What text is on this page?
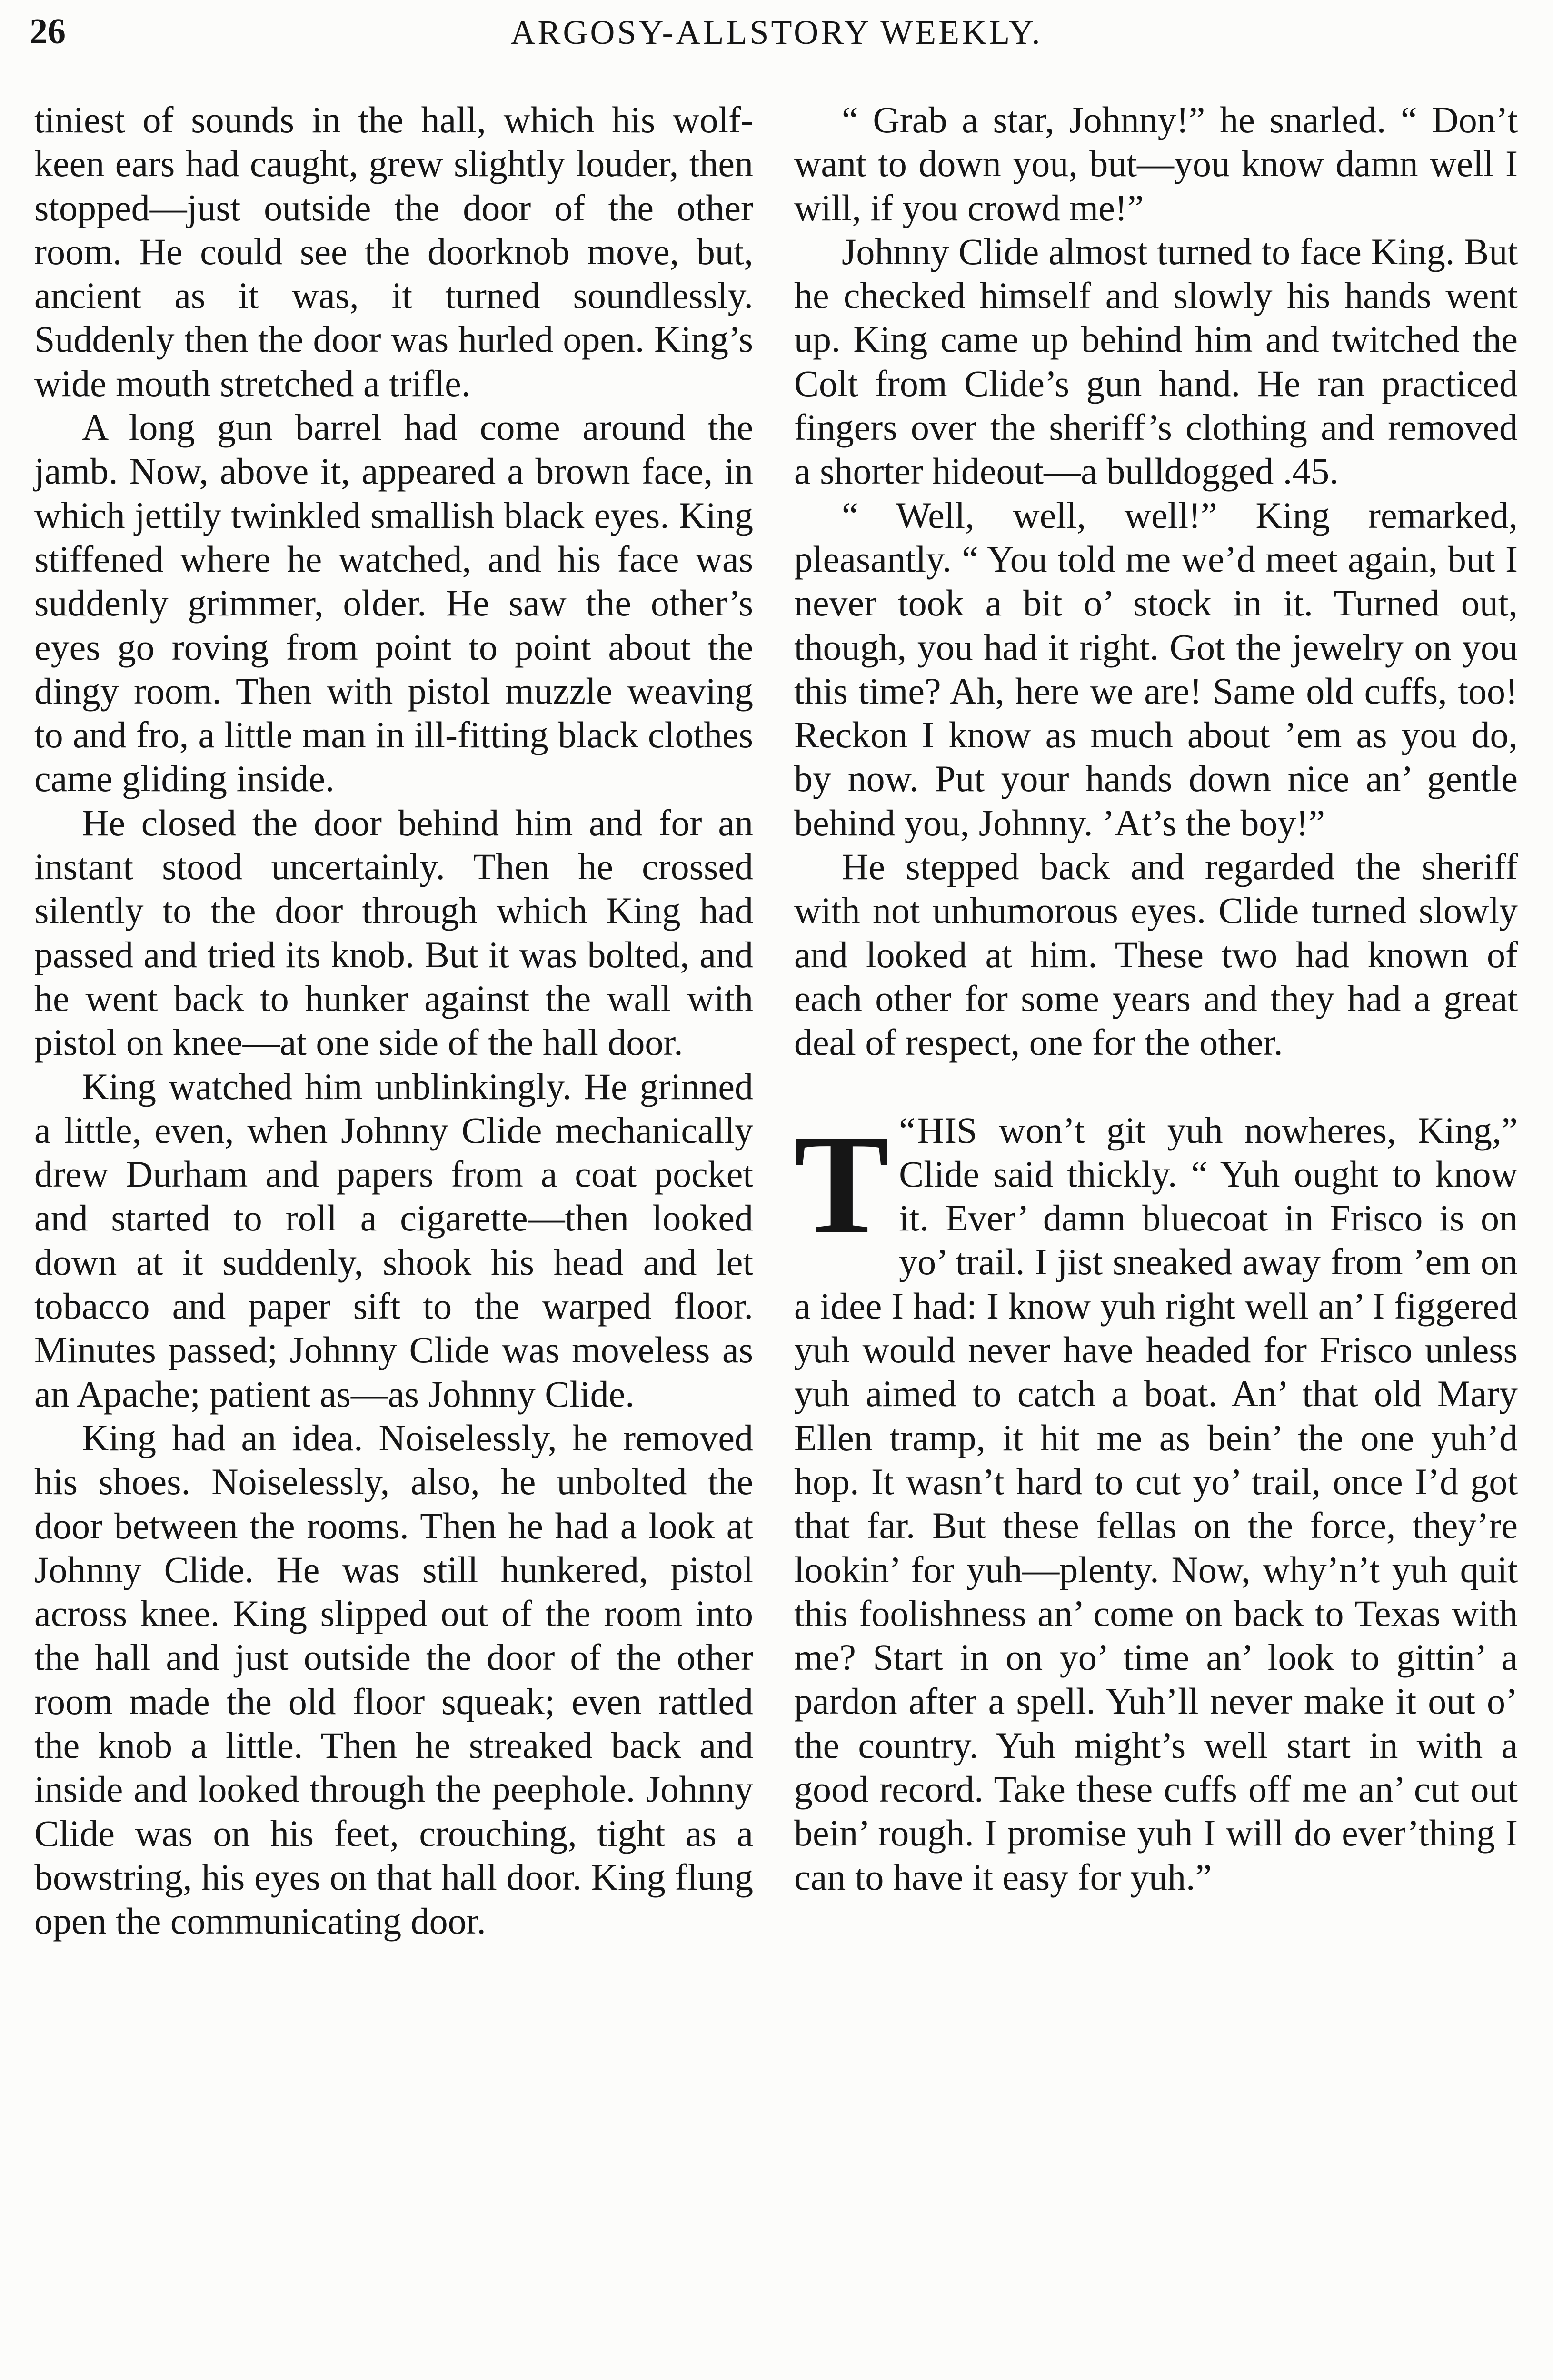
26	ARGOSY-ALLSTORY WEEKLY.

tiniest of sounds in the hall, which his wolf-keen ears had caught, grew slightly louder, then stopped—just outside the door of the other room. He could see the doorknob move, but, ancient as it was, it turned soundlessly. Suddenly then the door was hurled open. King’s wide mouth stretched a trifle.

A long gun barrel had come around the jamb. Now, above it, appeared a brown face, in which jettily twinkled smallish black eyes. King stiffened where he watched, and his face was suddenly grimmer, older. He saw the other’s eyes go roving from point to point about the dingy room. Then with pistol muzzle weaving to and fro, a little man in ill-fitting black clothes came gliding inside.

He closed the door behind him and for an instant stood uncertainly. Then he crossed silently to the door through which King had passed and tried its knob. But it was bolted, and he went back to hunker against the wall with pistol on knee—at one side of the hall door.

King watched him unblinkingly. He grinned a little, even, when Johnny Clide mechanically drew Durham and papers from a coat pocket and started to roll a cigarette—then looked down at it suddenly, shook his head and let tobacco and paper sift to the warped floor. Minutes passed; Johnny Clide was moveless as an Apache; patient as—as Johnny Clide.

King had an idea. Noiselessly, he removed his shoes. Noiselessly, also, he unbolted the door between the rooms. Then he had a look at Johnny Clide. He was still hunkered, pistol across knee. King slipped out of the room into the hall and just outside the door of the other room made the old floor squeak; even rattled the knob a little. Then he streaked back and inside and looked through the peephole. Johnny Clide was on his feet, crouching, tight as a bowstring, his eyes on that hall door. King flung open the communicating door.

“ Grab a star, Johnny!” he snarled. “ Don’t want to down you, but—you know damn well I will, if you crowd me!”

Johnny Clide almost turned to face King. But he checked himself and slowly his hands went up. King came up behind him and twitched the Colt from Clide’s gun hand. He ran practiced fingers over the sheriff’s clothing and removed a shorter hideout—a bulldogged .45.

“ Well, well, well!” King remarked, pleasantly. “ You told me we’d meet again, but I never took a bit o’ stock in it. Turned out, though, you had it right. Got the jewelry on you this time? Ah, here we are! Same old cuffs, too! Reckon I know as much about ’em as you do, by now. Put your hands down nice an’ gentle behind you, Johnny. ’At’s the boy!”

He stepped back and regarded the sheriff with not unhumorous eyes. Clide turned slowly and looked at him. These two had known of each other for some years and they had a great deal of respect, one for the other.

“
T HIS won’t git yuh nowheres, King,” Clide said thickly. “ Yuh ought to know it. Ever’ damn bluecoat in Frisco is on yo’ trail. I jist sneaked away from ’em on a idee I had: I know yuh right well an’ I figgered yuh would never have headed for Frisco unless yuh aimed to catch a boat. An’ that old Mary Ellen tramp, it hit me as bein’ the one yuh’d hop. It wasn’t hard to cut yo’ trail, once I’d got that far. But these fellas on the force, they’re lookin’ for yuh—plenty. Now, why’n’t yuh quit this foolishness an’ come on back to Texas with me? Start in on yo’ time an’ look to gittin’ a pardon after a spell. Yuh’ll never make it out o’ the country. Yuh might’s well start in with a good record. Take these cuffs off me an’ cut out bein’ rough. I promise yuh I will do ever’thing I can to have it easy for yuh.”
